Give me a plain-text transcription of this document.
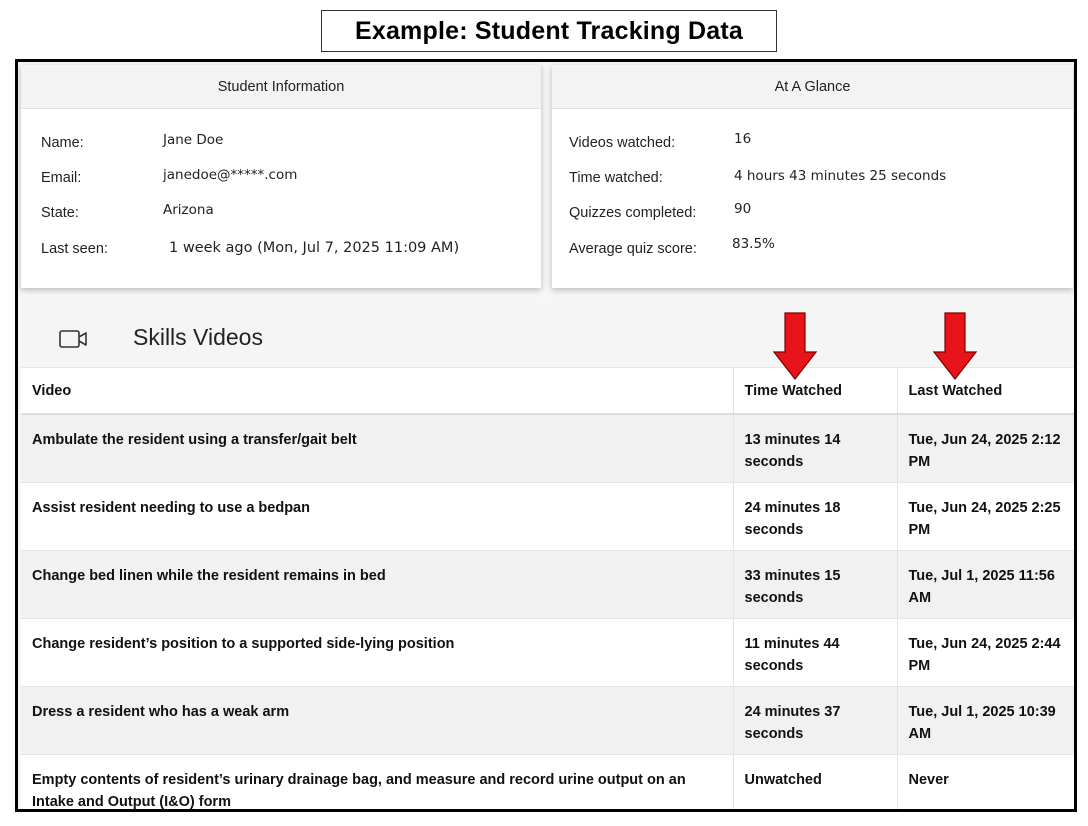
Example: Student Tracking Data
Student Information
Name:	Jane Doe
Email:	janedoe@*****.com
State:	Arizona
Last seen:	1 week ago (Mon, Jul 7, 2025 11:09 AM)
At A Glance
Videos watched:	16
Time watched:	4 hours 43 minutes 25 seconds
Quizzes completed:	90
Average quiz score:	83.5%
Skills Videos
Video	Time Watched	Last Watched
Ambulate the resident using a transfer/gait belt	13 minutes 14 seconds	Tue, Jun 24, 2025 2:12 PM
Assist resident needing to use a bedpan	24 minutes 18 seconds	Tue, Jun 24, 2025 2:25 PM
Change bed linen while the resident remains in bed	33 minutes 15 seconds	Tue, Jul 1, 2025 11:56 AM
Change resident’s position to a supported side-lying position	11 minutes 44 seconds	Tue, Jun 24, 2025 2:44 PM
Dress a resident who has a weak arm	24 minutes 37 seconds	Tue, Jul 1, 2025 10:39 AM
Empty contents of resident’s urinary drainage bag, and measure and record urine output on an Intake and Output (I&O) form	Unwatched	Never
